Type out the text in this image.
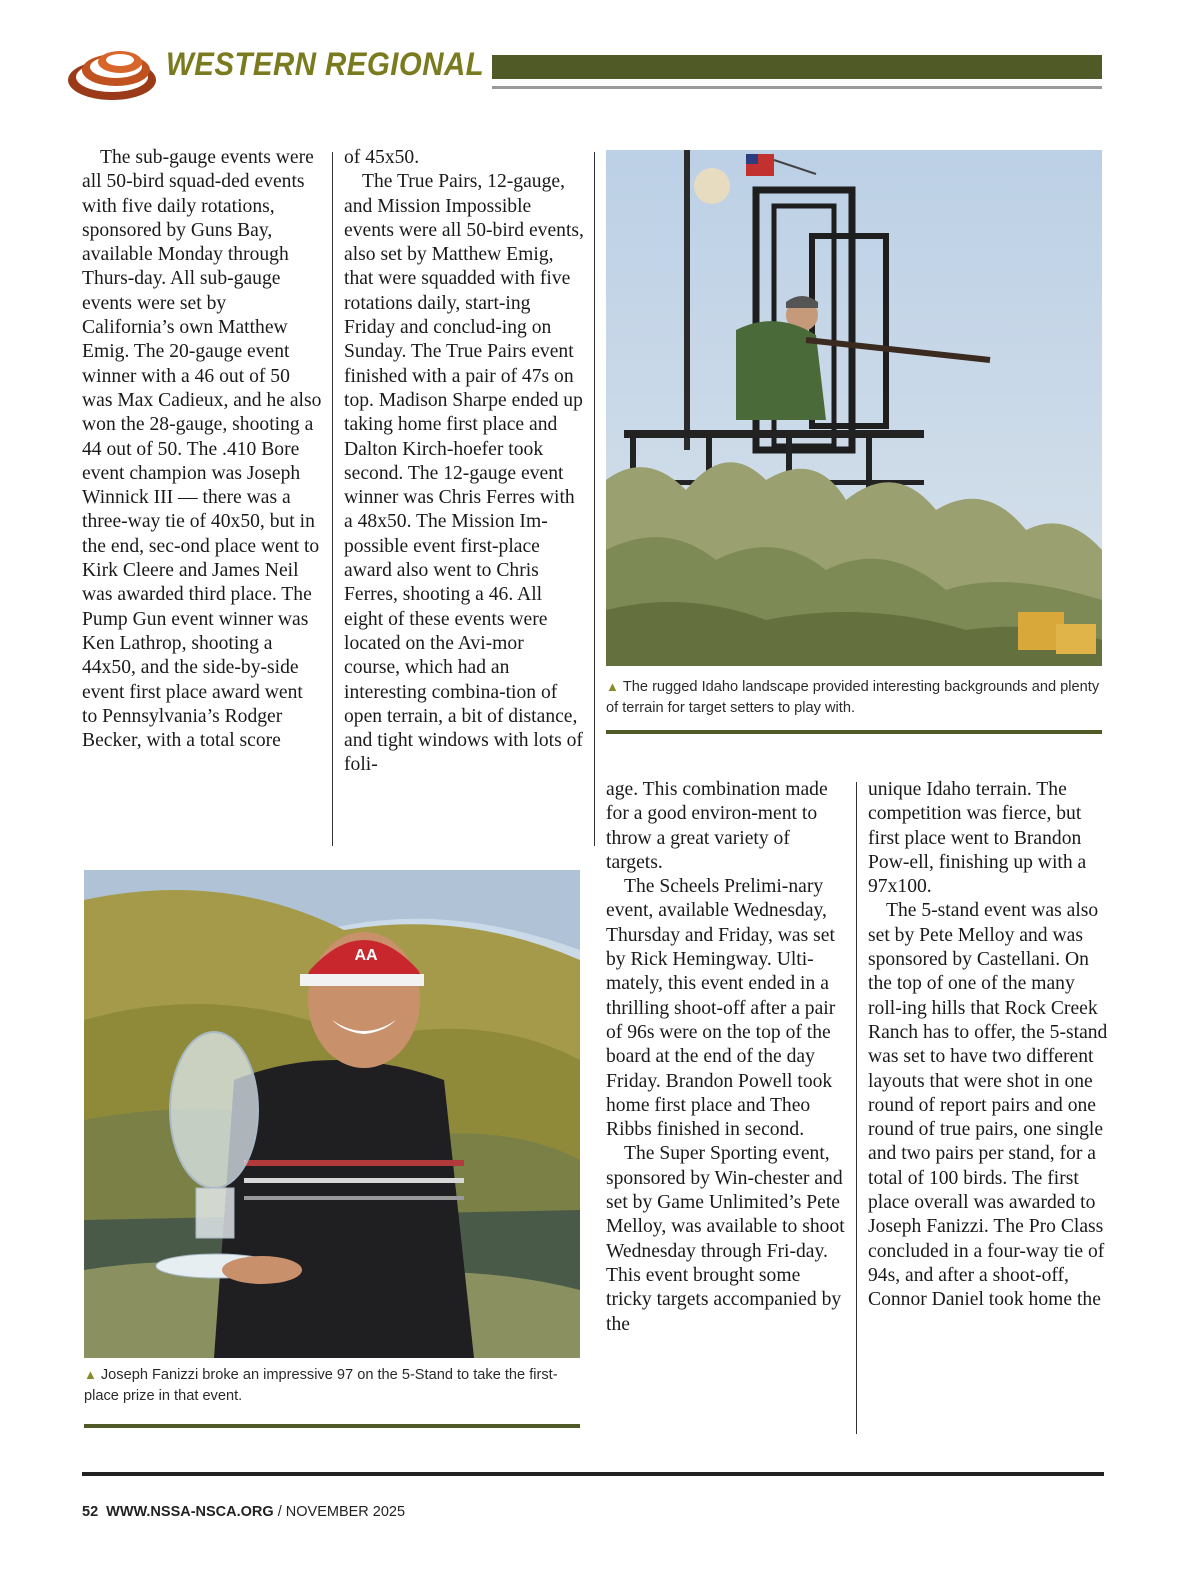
WESTERN REGIONAL

The sub-gauge events were all 50-bird squad-ded events with five daily rotations, sponsored by Guns Bay, available Monday through Thurs-day. All sub-gauge events were set by California’s own Matthew Emig. The 20-gauge event winner with a 46 out of 50 was Max Cadieux, and he also won the 28-gauge, shooting a 44 out of 50. The .410 Bore event champion was Joseph Winnick III — there was a three-way tie of 40x50, but in the end, sec-ond place went to Kirk Cleere and James Neil was awarded third place. The Pump Gun event winner was Ken Lathrop, shooting a 44x50, and the side-by-side event first place award went to Pennsylvania’s Rodger Becker, with a total score

of 45x50.

The True Pairs, 12-gauge, and Mission Impossible events were all 50-bird events, also set by Matthew Emig, that were squadded with five rotations daily, start-ing Friday and conclud-ing on Sunday. The True Pairs event finished with a pair of 47s on top. Madison Sharpe ended up taking home first place and Dalton Kirch-hoefer took second. The 12-gauge event winner was Chris Ferres with a 48x50. The Mission Im-possible event first-place award also went to Chris Ferres, shooting a 46. All eight of these events were located on the Avi-mor course, which had an interesting combina-tion of open terrain, a bit of distance, and tight windows with lots of foli-

▲ The rugged Idaho landscape provided interesting backgrounds and plenty of terrain for target setters to play with.
AA
▲ Joseph Fanizzi broke an impressive 97 on the 5-Stand to take the first-place prize in that event.

age. This combination made for a good environ-ment to throw a great variety of targets.

The Scheels Prelimi-nary event, available Wednesday, Thursday and Friday, was set by Rick Hemingway. Ulti-mately, this event ended in a thrilling shoot-off after a pair of 96s were on the top of the board at the end of the day Friday. Brandon Powell took home first place and Theo Ribbs finished in second.

The Super Sporting event, sponsored by Win-chester and set by Game Unlimited’s Pete Melloy, was available to shoot Wednesday through Fri-day. This event brought some tricky targets accompanied by the

unique Idaho terrain. The competition was fierce, but first place went to Brandon Pow-ell, finishing up with a 97x100.

The 5-stand event was also set by Pete Melloy and was sponsored by Castellani. On the top of one of the many roll-ing hills that Rock Creek Ranch has to offer, the 5-stand was set to have two different layouts that were shot in one round of report pairs and one round of true pairs, one single and two pairs per stand, for a total of 100 birds. The first place overall was awarded to Joseph Fanizzi. The Pro Class concluded in a four-way tie of 94s, and after a shoot-off, Connor Daniel took home the

52 WWW.NSSA-NSCA.ORG / NOVEMBER 2025
